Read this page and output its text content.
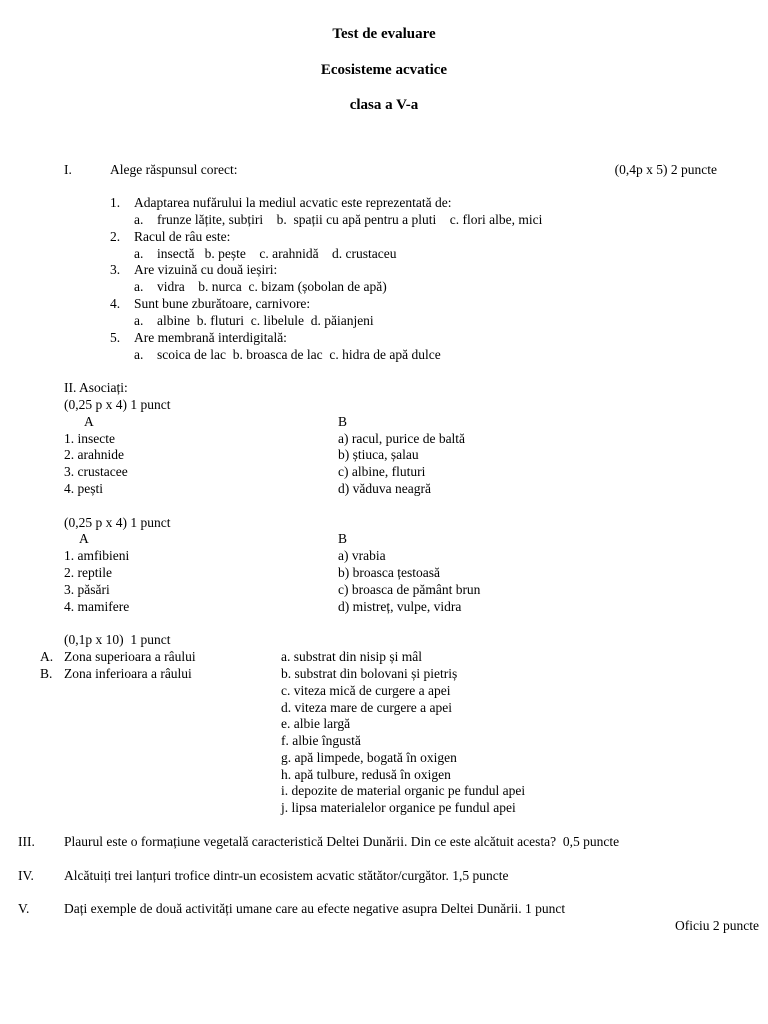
Test de evaluare
Ecosisteme acvatice
clasa a V-a
I.	Alege răspunsul corect:	(0,4p x 5) 2 puncte
1. Adaptarea nufărului la mediul acvatic este reprezentată de:
a. frunze lățite, subțiri    b.  spații cu apă pentru a pluti    c. flori albe, mici
2. Racul de râu este:
a. insectă   b. pește    c. arahnidă    d. crustaceu
3. Are vizuină cu două ieșiri:
a. vidra    b. nurca  c. bizam (șobolan de apă)
4. Sunt bune zburătoare, carnivore:
a. albine  b. fluturi  c. libelule  d. păianjeni
5. Are membrană interdigitală:
a. scoica de lac  b. broasca de lac  c. hidra de apă dulce
II. Asociați:
(0,25 p x 4) 1 punct
A	B
1. insecte	a) racul, purice de baltă
2. arahnide	b) știuca, șalau
3. crustacee	c) albine, fluturi
4. pești	d) văduva neagră
(0,25 p x 4) 1 punct
A	B
1. amfibieni	a) vrabia
2. reptile	b) broasca țestoasă
3. păsări	c) broasca de pământ brun
4. mamifere	d) mistreț, vulpe, vidra
(0,1p x 10)  1 punct
A. Zona superioara a râului
B. Zona inferioara a râului
a. substrat din nisip și mâl
b. substrat din bolovani și pietriș
c. viteza mică de curgere a apei
d. viteza mare de curgere a apei
e. albie largă
f. albie îngustă
g. apă limpede, bogată în oxigen
h. apă tulbure, redusă în oxigen
i. depozite de material organic pe fundul apei
j. lipsa materialelor organice pe fundul apei
III. Plaurul este o formațiune vegetală caracteristică Deltei Dunării. Din ce este alcătuit acesta?  0,5 puncte
IV. Alcătuiți trei lanțuri trofice dintr-un ecosistem acvatic stătător/curgător. 1,5 puncte
V.	Dați exemple de două activități umane care au efecte negative asupra Deltei Dunării. 1 punct
Oficiu 2 puncte
